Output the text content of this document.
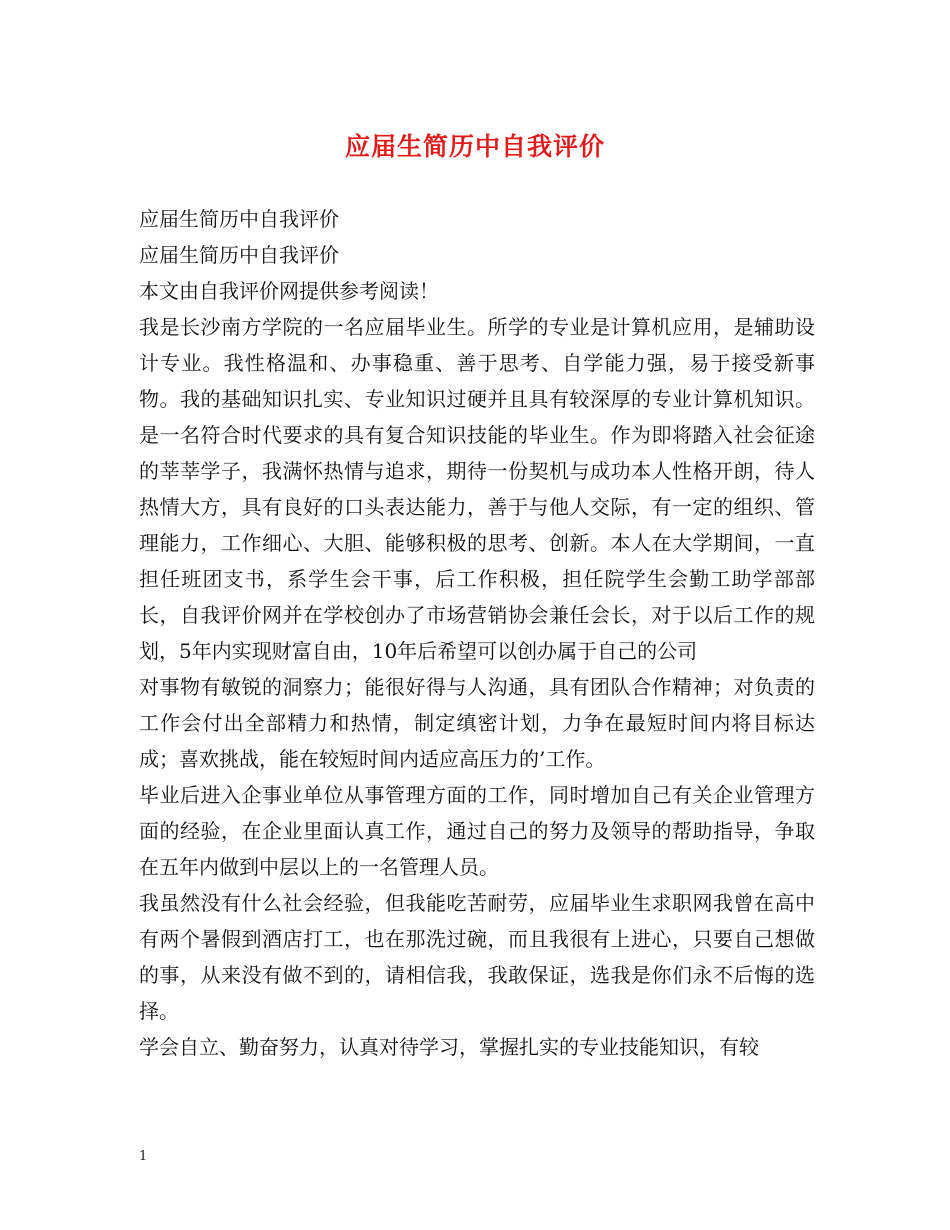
应届生简历中自我评价

应届生简历中自我评价

应届生简历中自我评价

本文由自我评价网提供参考阅读！

我是长沙南方学院的一名应届毕业生。所学的专业是计算机应用，是辅助设计专业。我性格温和、办事稳重、善于思考、自学能力强，易于接受新事物。我的基础知识扎实、专业知识过硬并且具有较深厚的专业计算机知识。是一名符合时代要求的具有复合知识技能的毕业生。作为即将踏入社会征途的莘莘学子，我满怀热情与追求，期待一份契机与成功本人性格开朗，待人热情大方，具有良好的口头表达能力，善于与他人交际，有一定的组织、管理能力，工作细心、大胆、能够积极的思考、创新。本人在大学期间，一直担任班团支书，系学生会干事，后工作积极，担任院学生会勤工助学部部长，自我评价网并在学校创办了市场营销协会兼任会长，对于以后工作的规划，5年内实现财富自由，10年后希望可以创办属于自己的公司

对事物有敏锐的洞察力；能很好得与人沟通，具有团队合作精神；对负责的工作会付出全部精力和热情，制定缜密计划，力争在最短时间内将目标达成；喜欢挑战，能在较短时间内适应高压力的’工作。

毕业后进入企事业单位从事管理方面的工作，同时增加自己有关企业管理方面的经验，在企业里面认真工作，通过自己的努力及领导的帮助指导，争取在五年内做到中层以上的一名管理人员。

我虽然没有什么社会经验，但我能吃苦耐劳，应届毕业生求职网我曾在高中有两个暑假到酒店打工，也在那洗过碗，而且我很有上进心，只要自己想做的事，从来没有做不到的，请相信我，我敢保证，选我是你们永不后悔的选择。

学会自立、勤奋努力，认真对待学习，掌握扎实的专业技能知识，有较

1
